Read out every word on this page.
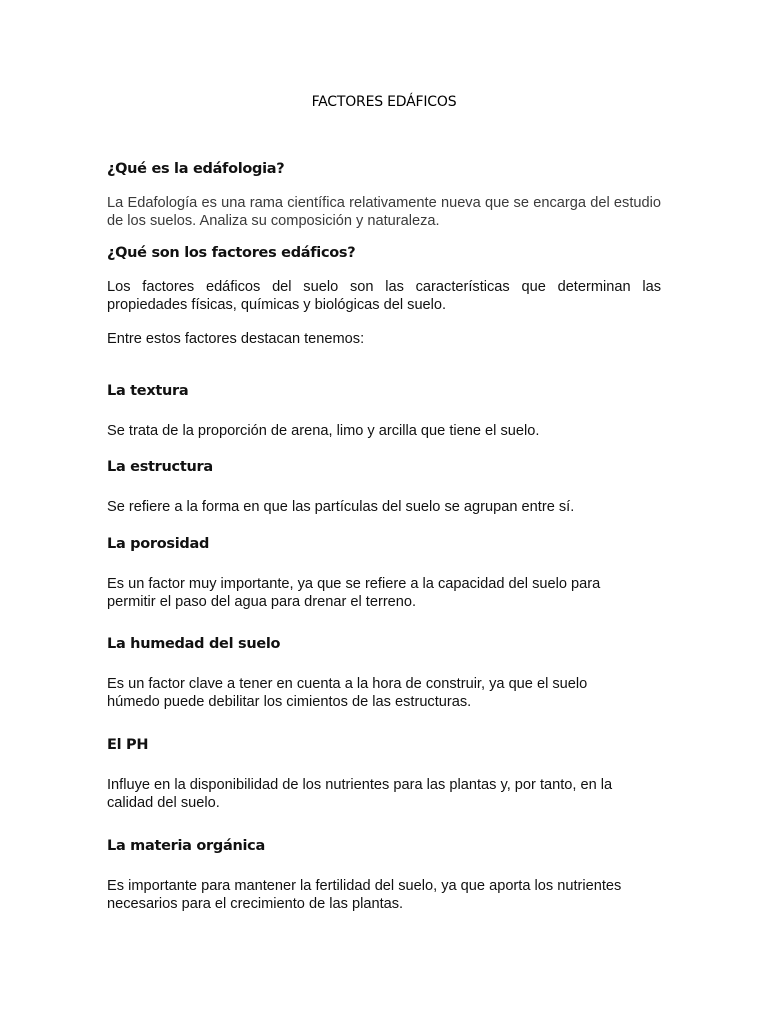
FACTORES EDÁFICOS
¿Qué es la edáfologia?

La Edafología es una rama científica relativamente nueva que se encarga del estudio de los suelos. Analiza su composición y naturaleza.

¿Qué son los factores edáficos?

Los factores edáficos del suelo son las características que determinan las propiedades físicas, químicas y biológicas del suelo.

Entre estos factores destacan tenemos:

La textura

Se trata de la proporción de arena, limo y arcilla que tiene el suelo.

La estructura

Se refiere a la forma en que las partículas del suelo se agrupan entre sí.

La porosidad

Es un factor muy importante, ya que se refiere a la capacidad del suelo para permitir el paso del agua para drenar el terreno.

La humedad del suelo

Es un factor clave a tener en cuenta a la hora de construir, ya que el suelo húmedo puede debilitar los cimientos de las estructuras.

El PH

Influye en la disponibilidad de los nutrientes para las plantas y, por tanto, en la calidad del suelo.

La materia orgánica

Es importante para mantener la fertilidad del suelo, ya que aporta los nutrientes necesarios para el crecimiento de las plantas.
